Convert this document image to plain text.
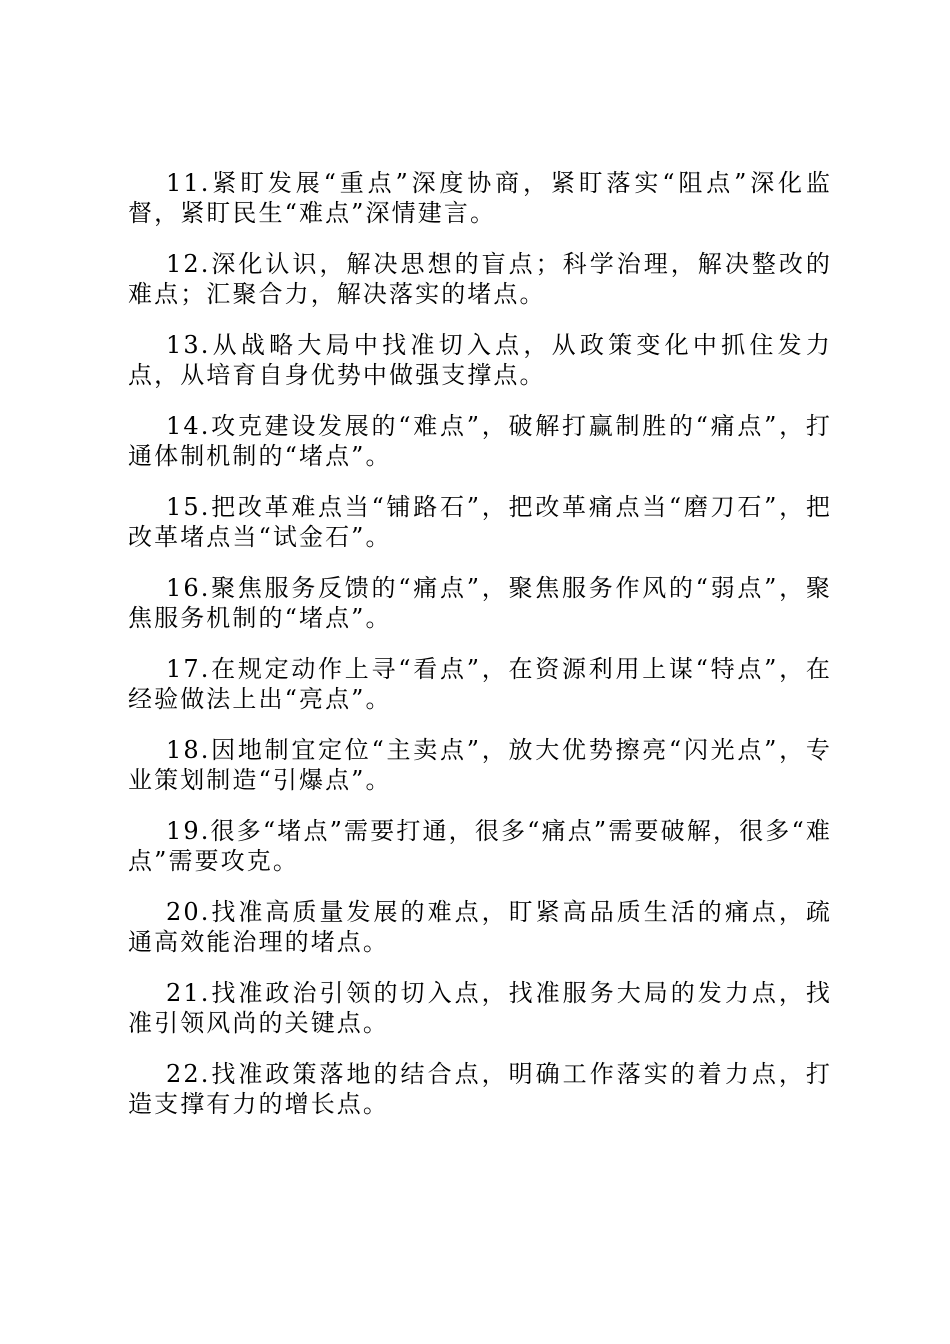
11.紧盯发展“重点”深度协商，紧盯落实“阻点”深化监督，紧盯民生“难点”深情建言。

12.深化认识，解决思想的盲点；科学治理，解决整改的难点；汇聚合力，解决落实的堵点。

13.从战略大局中找准切入点，从政策变化中抓住发力点，从培育自身优势中做强支撑点。

14.攻克建设发展的“难点”，破解打赢制胜的“痛点”，打通体制机制的“堵点”。

15.把改革难点当“铺路石”，把改革痛点当“磨刀石”，把改革堵点当“试金石”。

16.聚焦服务反馈的“痛点”，聚焦服务作风的“弱点”，聚焦服务机制的“堵点”。

17.在规定动作上寻“看点”，在资源利用上谋“特点”，在经验做法上出“亮点”。

18.因地制宜定位“主卖点”，放大优势擦亮“闪光点”，专业策划制造“引爆点”。

19.很多“堵点”需要打通，很多“痛点”需要破解，很多“难点”需要攻克。

20.找准高质量发展的难点，盯紧高品质生活的痛点，疏通高效能治理的堵点。

21.找准政治引领的切入点，找准服务大局的发力点，找准引领风尚的关键点。

22.找准政策落地的结合点，明确工作落实的着力点，打造支撑有力的增长点。
